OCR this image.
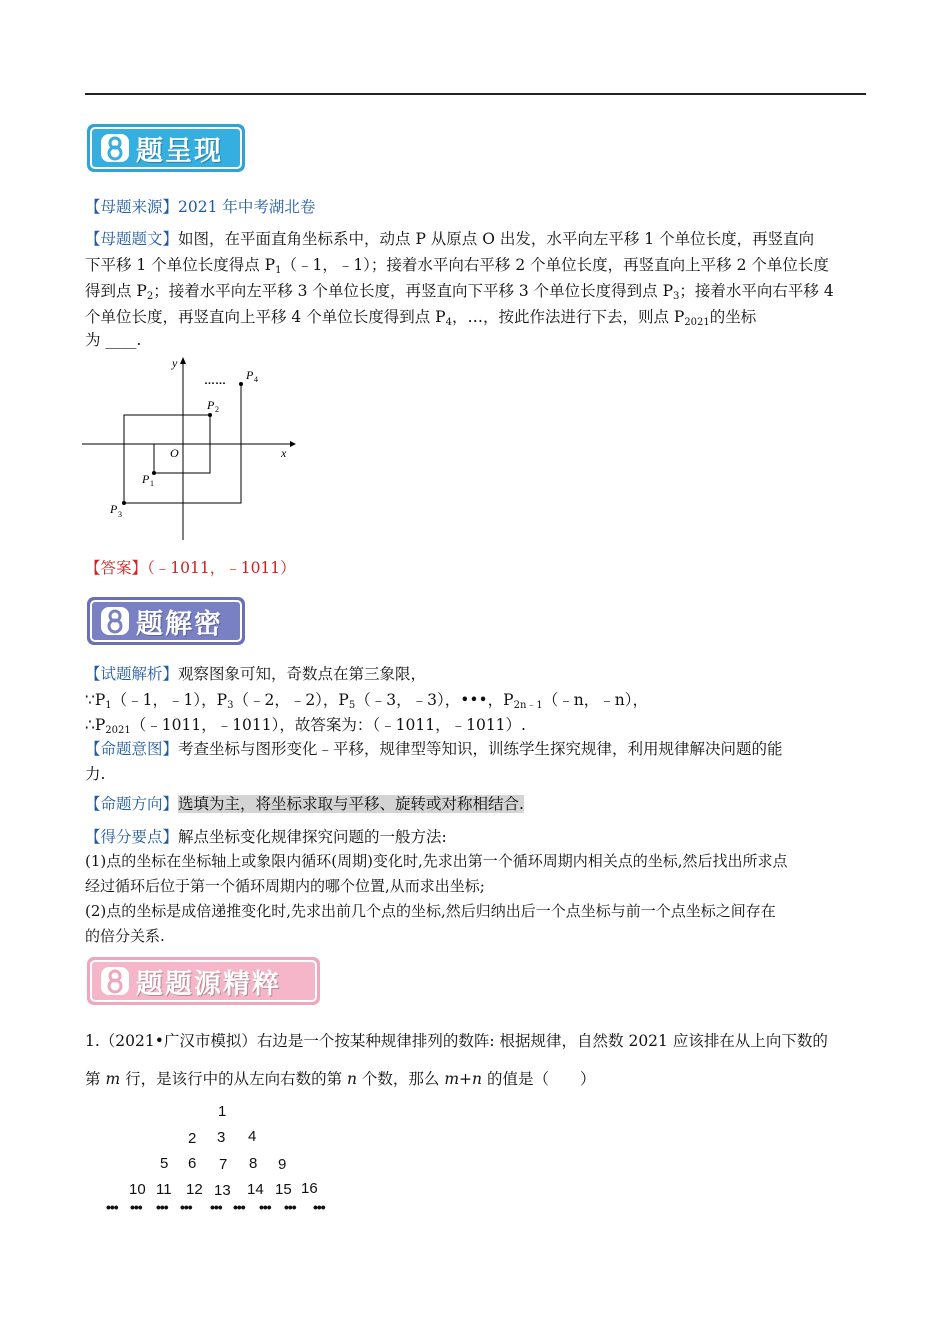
题呈现
【母题来源】2021 年中考湖北卷
【母题题文】如图，在平面直角坐标系中，动点 P 从原点 O 出发，水平向左平移 1 个单位长度，再竖直向
下平移 1 个单位长度得点 $P_1(﹣1$，﹣1）；接着水平向右平移 2 个单位长度，再竖直向上平移 2 个单位长度
得到点 $P_2$；接着水平向左平移 3 个单位长度，再竖直向下平移 3 个单位长度得到点 $P_3$；接着水平向右平移 4
个单位长度，再竖直向上平移 4 个单位长度得到点 $P_4$，…，按此作法进行下去，则点 $P_{2021}$的坐标
为 ____.
x
y
O
P 1
P 2
P 3
P 4
……
【答案】（﹣1011，﹣1011）
题解密
【试题解析】观察图象可知，奇数点在第三象限，
$\because P_1(﹣1$，﹣1），$P_3(﹣2$，﹣2），$P_5(﹣3$，﹣3），•••，$P_{2n﹣1}(﹣n$，﹣n），
$\therefore P_{2021}(﹣1011$，﹣1011），故答案为：（﹣1011，﹣1011）.
【命题意图】考查坐标与图形变化﹣平移，规律型等知识，训练学生探究规律，利用规律解决问题的能
力.
【命题方向】选填为主，将坐标求取与平移、旋转或对称相结合.
【得分要点】解点坐标变化规律探究问题的一般方法:
(1)点的坐标在坐标轴上或象限内循环(周期)变化时,先求出第一个循环周期内相关点的坐标,然后找出所求点
经过循环后位于第一个循环周期内的哪个位置,从而求出坐标;
(2)点的坐标是成倍递推变化时,先求出前几个点的坐标,然后归纳出后一个点坐标与前一个点坐标之间存在
的倍分关系.
题题源精粹
1.（2021•广汉市模拟）右边是一个按某种规律排列的数阵: 根据规律，自然数 2021 应该排在从上向下数的
第 m 行，是该行中的从左向右数的第 n 个数，那么 m+n 的值是（　　）
1
2 3 4
5 6 7 8 9
10 11 12 13 14 15 16
••• ••• ••• ••• ••• ••• ••• ••• •••
